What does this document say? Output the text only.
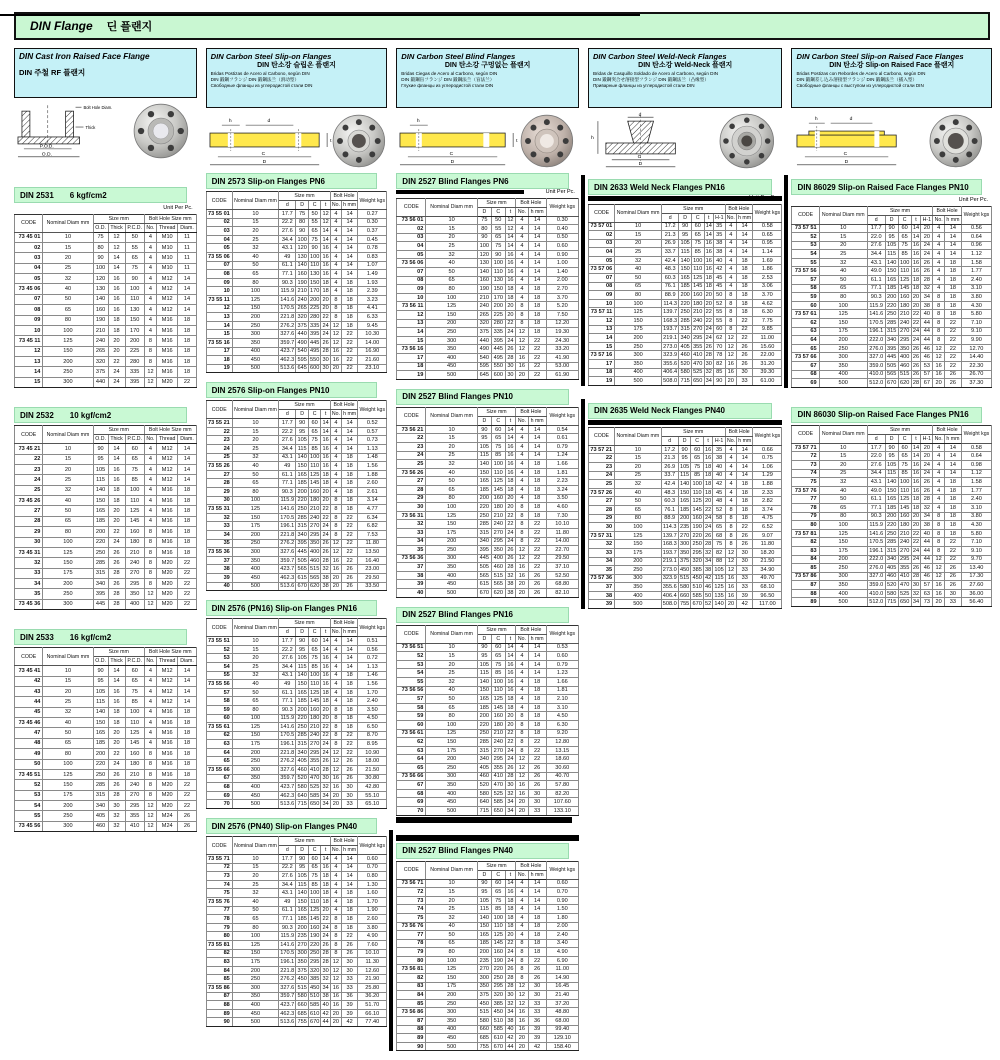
DIN Flange 딘 플랜지
DIN Cast Iron Raised Face Flange
DIN 주철 RF 플랜지
Bolt Hole Diam.
Thick
P.C.D.
O.D.
DIN 2531 6 kgf/cm2
Unit Per Pc.
CODE	Nominal Diam mm	Size mm			Bolt Hole Size mm		
		O.D.	Thick	P.C.D.	No.	Thread	Diam.
73 45 01	10	75	12	50	4	M10	11
02	15	80	12	55	4	M10	11
03	20	90	14	65	4	M10	11
04	25	100	14	75	4	M10	11
05	32	120	16	90	4	M12	14
73 45 06	40	130	16	100	4	M12	14
07	50	140	16	110	4	M12	14
08	65	160	16	130	4	M12	14
09	80	190	18	150	4	M16	18
10	100	210	18	170	4	M16	18
73 45 11	125	240	20	200	8	M16	18
12	150	265	20	225	8	M16	18
13	200	320	22	280	8	M16	18
14	250	375	24	335	12	M16	18
15	300	440	24	395	12	M20	22
DIN 2532 10 kgf/cm2
CODE	Nominal Diam mm	Size mm			Bolt Hole Size mm		
		O.D.	Thick	P.C.D.	No.	Thread	Diam.
73 45 21	10	90	14	60	4	M12	14
22	15	95	14	65	4	M12	14
23	20	105	16	75	4	M12	14
24	25	115	16	85	4	M12	14
25	32	140	18	100	4	M16	18
73 45 26	40	150	18	110	4	M16	18
27	50	165	20	125	4	M16	18
28	65	185	20	145	4	M16	18
29	80	200	22	160	8	M16	18
30	100	220	24	180	8	M16	18
73 45 31	125	250	26	210	8	M16	18
32	150	285	26	240	8	M20	22
33	175	315	28	270	8	M20	22
34	200	340	26	295	8	M20	22
35	250	395	28	350	12	M20	22
73 45 36	300	445	28	400	12	M20	22
DIN 2533 16 kgf/cm2
CODE	Nominal Diam mm	Size mm			Bolt Hole Size mm		
		O.D.	Thick	P.C.D.	No.	Thread	Diam.
73 45 41	10	90	14	60	4	M12	14
42	15	95	14	65	4	M12	14
43	20	105	16	75	4	M12	14
44	25	115	16	85	4	M12	14
45	32	140	18	100	4	M16	18
73 45 46	40	150	18	110	4	M16	18
47	50	165	20	125	4	M16	18
48	65	185	20	145	4	M16	18
49	80	200	22	160	8	M16	18
50	100	220	24	180	8	M16	18
73 45 51	125	250	26	210	8	M16	18
52	150	285	26	240	8	M20	22
53	175	315	28	270	8	M20	22
54	200	340	30	295	12	M20	22
55	250	405	32	355	12	M24	26
73 45 56	300	460	32	410	12	M24	26
DIN Carbon Steel Slip-on Flanges
DIN 탄소강 슬립온 플랜지
Bridas Postizas de Acero al Carbono, según DIN
DIN 鍛鋼フランジ DIN 鍛鋼法兰（滑动型）
Свободные фланцы из углеродистой стали DIN
h	d
t
C
D
DIN 2573 Slip-on Flanges PN6
CODE	Nominal Diam mm	Size mm				Bolt Hole		Weight kgs
		d	D	C	t	No.	h mm	
73 55 01	10	17.7	75	50	12	4	14	0.27
02	15	22.2	80	55	12	4	14	0.30
03	20	27.6	90	65	14	4	14	0.37
04	25	34.4	100	75	14	4	14	0.45
05	32	43.1	120	90	16	4	14	0.78
73 55 06	40	49	130	100	16	4	14	0.83
07	50	61.1	140	110	16	4	14	1.07
08	65	77.1	160	130	16	4	14	1.49
09	80	90.3	190	150	18	4	18	1.93
10	100	115.9	210	170	18	4	18	2.39
73 55 11	125	141.6	240	200	20	8	18	3.23
12	150	170.5	265	225	20	8	18	4.41
13	200	221.8	320	280	22	8	18	6.33
14	250	276.2	375	335	24	12	18	9.45
15	300	327.6	440	395	24	12	22	10.30
73 55 16	350	359.7	490	445	26	12	22	14.00
17	400	423.7	540	495	28	16	22	16.90
18	450	462.3	595	550	30	16	22	21.60
19	500	513.6	645	600	30	20	22	23.10
DIN 2576 Slip-on Flanges PN10
CODE	Nominal Diam mm	Size mm				Bolt Hole		Weight kgs
		d	D	C	t	No.	h mm	
73 55 21	10	17.7	90	60	14	4	14	0.52
22	15	22.2	95	65	14	4	14	0.57
23	20	27.6	105	75	16	4	14	0.73
24	25	34.4	115	85	16	4	14	1.13
25	32	43.1	140	100	16	4	18	1.48
73 55 26	40	49	150	110	16	4	18	1.56
27	50	61.1	165	125	18	4	18	1.88
28	65	77.1	185	145	18	4	18	2.60
29	80	90.3	200	160	20	4	18	2.61
30	100	115.9	220	180	20	8	18	3.14
73 55 31	125	141.6	250	210	22	8	18	4.77
32	150	170.5	285	240	22	8	22	6.34
33	175	196.1	315	270	24	8	22	6.82
34	200	221.8	340	295	24	8	22	7.53
35	250	276.2	395	350	26	12	22	11.80
73 55 36	300	327.6	445	400	26	12	22	13.50
37	350	359.7	505	460	28	16	22	16.40
38	400	423.7	565	515	32	16	26	23.00
39	450	462.3	615	565	38	20	26	29.50
40	500	513.6	670	620	38	20	26	33.50
DIN 2576 (PN16) Slip-on Flanges PN16
CODE	Nominal Diam mm	Size mm				Bolt Hole		Weight kgs
		d	D	C	t	No.	h mm	
73 55 51	10	17.7	90	60	14	4	14	0.51
52	15	22.2	95	65	14	4	14	0.56
53	20	27.6	105	75	16	4	14	0.72
54	25	34.4	115	85	16	4	14	1.13
55	32	43.1	140	100	16	4	18	1.46
73 55 56	40	49	150	110	16	4	18	1.56
57	50	61.1	165	125	18	4	18	1.70
58	65	77.1	185	145	18	4	18	2.40
59	80	90.3	200	160	20	8	18	3.50
60	100	115.9	220	180	20	8	18	4.50
73 55 61	125	141.6	250	210	22	8	18	6.50
62	150	170.5	285	240	22	8	22	8.70
63	175	196.1	315	270	24	8	22	8.95
64	200	221.8	340	295	24	12	22	10.90
65	250	276.2	405	355	26	12	26	18.00
73 55 66	300	327.6	460	410	28	12	26	21.50
67	350	359.7	520	470	30	16	26	30.80
68	400	423.7	580	525	32	16	30	42.80
69	450	462.3	640	585	34	20	30	55.10
70	500	513.6	715	650	34	20	33	65.10
DIN 2576 (PN40) Slip-on Flanges PN40
CODE	Nominal Diam mm	Size mm				Bolt Hole		Weight kgs
		d	D	C	t	No.	h mm	
73 55 71	10	17.7	90	60	14	4	14	0.60
72	15	22.2	95	65	16	4	14	0.70
73	20	27.6	105	75	18	4	14	0.80
74	25	34.4	115	85	18	4	14	1.30
75	32	43.1	140	100	18	4	18	1.60
73 55 76	40	49	150	110	18	4	18	1.70
77	50	61.1	165	125	20	4	18	1.90
78	65	77.1	185	145	22	8	18	2.60
79	80	90.3	200	160	24	8	18	3.80
80	100	115.9	235	190	24	8	22	4.90
73 55 81	125	141.6	270	220	26	8	26	7.60
82	150	170.5	300	250	28	8	26	10.10
83	175	196.1	350	295	28	12	30	11.30
84	200	221.8	375	320	30	12	30	12.60
85	250	276.2	450	385	32	12	33	21.90
73 55 86	300	327.6	515	450	34	16	33	25.80
87	350	359.7	580	510	38	16	36	36.20
88	400	423.7	660	585	40	16	39	51.70
89	450	462.3	685	610	42	20	39	66.10
90	500	513.6	755	670	44	20	42	77.40
DIN Carbon Steel Blind Flanges
DIN 탄소강 구멍없는 플랜지
Bridas Ciegas de Acero al Carbono, según DIN
DIN 鍛鋼盲フランジ DIN 鍛鋼法兰（盲法兰）
Глухие фланцы из углеродистой стали DIN
h
t
C
D
DIN 2527 Blind Flanges PN6
Unit Per Pc.
CODE	Nominal Diam mm	Size mm			Bolt Hole		Weight kgs
		D	C	t	No.	h mm	
73 56 01	10	75	50	12	4	14	0.30
02	15	80	55	12	4	14	0.40
03	20	90	65	14	4	14	0.50
04	25	100	75	14	4	14	0.60
05	32	120	90	16	4	14	0.90
73 56 06	40	130	100	16	4	14	1.00
07	50	140	110	16	4	14	1.40
08	65	160	130	16	4	14	2.00
09	80	190	150	18	4	18	2.70
10	100	210	170	18	4	18	3.70
73 56 11	125	240	200	20	8	18	5.20
12	150	265	225	20	8	18	7.50
13	200	320	280	22	8	18	12.20
14	250	375	335	24	12	18	19.30
15	300	440	395	24	12	22	24.30
73 56 16	350	490	445	26	12	22	33.20
17	400	540	495	28	16	22	41.90
18	450	595	550	30	16	22	53.00
19	500	645	600	30	20	22	61.90
DIN 2527 Blind Flanges PN10
CODE	Nominal Diam mm	Size mm			Bolt Hole		Weight kgs
		D	C	t	No.	h mm	
73 56 21	10	90	60	14	4	14	0.54
22	15	95	65	14	4	14	0.61
23	20	105	75	16	4	14	0.79
24	25	115	85	16	4	14	1.24
25	32	140	100	16	4	18	1.66
73 56 26	40	150	110	16	4	18	1.81
27	50	165	125	18	4	18	2.23
28	65	185	145	18	4	18	3.24
29	80	200	160	20	4	18	3.50
30	100	220	180	20	8	18	4.60
73 56 31	125	250	210	22	8	18	7.30
32	150	285	240	22	8	22	10.10
33	175	315	270	24	8	22	11.80
34	200	340	295	24	8	22	14.00
35	250	395	350	26	12	22	22.70
73 56 36	300	445	400	26	12	22	29.50
37	350	505	460	28	16	22	37.10
38	400	565	515	32	16	26	52.50
39	450	615	565	38	20	26	68.80
40	500	670	620	38	20	26	82.10
DIN 2527 Blind Flanges PN16
CODE	Nominal Diam mm	Size mm			Bolt Hole		Weight kgs
		D	C	t	No.	h mm	
73 56 51	10	90	60	14	4	14	0.53
52	15	95	65	14	4	14	0.60
53	20	105	75	16	4	14	0.79
54	25	115	85	16	4	14	1.23
55	32	140	100	16	4	18	1.66
73 56 56	40	150	110	16	4	18	1.81
57	50	165	125	18	4	18	2.10
58	65	185	145	18	4	18	3.10
59	80	200	160	20	8	18	4.50
60	100	220	180	20	8	18	6.30
73 56 61	125	250	210	22	8	18	9.20
62	150	285	240	22	8	22	12.80
63	175	315	270	24	8	22	13.15
64	200	340	295	24	12	22	18.60
65	250	405	355	26	12	26	30.60
73 56 66	300	460	410	28	12	26	40.70
67	350	520	470	30	16	26	57.80
68	400	580	525	32	16	30	82.20
69	450	640	585	34	20	30	107.60
70	500	715	650	34	20	33	133.10
DIN 2527 Blind Flanges PN40
CODE	Nominal Diam mm	Size mm			Bolt Hole		Weight kgs
		D	C	t	No.	h mm	
73 56 71	10	90	60	14	4	14	0.60
72	15	95	65	16	4	14	0.70
73	20	105	75	18	4	14	0.90
74	25	115	85	18	4	14	1.50
75	32	140	100	18	4	18	1.80
73 56 76	40	150	110	18	4	18	2.00
77	50	165	125	20	4	18	2.40
78	65	185	145	22	8	18	3.40
79	80	200	160	24	8	18	4.90
80	100	235	190	24	8	22	6.90
73 56 81	125	270	220	26	8	26	11.00
82	150	300	250	28	8	26	14.90
83	175	350	295	28	12	30	16.45
84	200	375	320	30	12	30	21.40
85	250	450	385	32	12	33	37.20
73 56 86	300	515	450	34	16	33	48.80
87	350	580	510	38	16	36	68.00
88	400	660	585	40	16	39	99.40
89	450	685	610	42	20	39	129.10
90	500	755	670	44	20	42	158.40
DIN Carbon Steel Weld-Neck Flanges
DIN 탄소강 Weld-Neck 플랜지
Bridas de Casquillo Soldado de Acero al Carbono, según DIN
DIN 鍛鋼突合せ溶接型フランジ DIN 鍛鋼法兰（凸缘型）
Приварные фланцы из углеродистой стали DIN
d
h
C
D
DIN 2633 Weld Neck Flanges PN16
Unit Per Pc.
CODE	Nominal Diam mm	Size mm					Bolt Hole		Weight kgs
		d	D	C	t	H-1	No.	h mm	
73 57 01	10	17.2	90	60	14	35	4	14	0.58
02	15	21.3	95	65	14	35	4	14	0.65
03	20	26.9	105	75	16	38	4	14	0.95
04	25	33.7	115	85	16	38	4	14	1.14
05	32	42.4	140	100	16	40	4	18	1.69
73 57 06	40	48.3	150	110	16	42	4	18	1.86
07	50	60.3	165	125	18	45	4	18	2.53
08	65	76.1	185	145	18	45	4	18	3.06
09	80	88.9	200	160	20	50	8	18	3.70
10	100	114.3	220	180	20	52	8	18	4.62
73 57 11	125	139.7	250	210	22	55	8	18	6.30
12	150	168.3	285	240	22	55	8	22	7.75
13	175	193.7	315	270	24	60	8	22	9.85
14	200	219.1	340	295	24	62	12	22	11.00
15	250	273.0	405	355	26	70	12	26	15.60
73 57 16	300	323.9	460	410	28	78	12	26	22.00
17	350	355.6	520	470	30	82	16	26	31.20
18	400	406.4	580	525	32	85	16	30	39.30
19	500	508.0	715	650	34	90	20	33	61.00
DIN 2635 Weld Neck Flanges PN40
CODE	Nominal Diam mm	Size mm					Bolt Hole		Weight kgs
		d	D	C	t	H-1	No.	h mm	
73 57 21	10	17.2	90	60	16	35	4	14	0.66
22	15	21.3	95	65	16	38	4	14	0.75
23	20	26.9	105	75	18	40	4	14	1.06
24	25	33.7	115	85	18	40	4	14	1.29
25	32	42.4	140	100	18	42	4	18	1.88
73 57 26	40	48.3	150	110	18	45	4	18	2.33
27	50	60.3	165	125	20	48	4	18	2.82
28	65	76.1	185	145	22	52	8	18	3.74
29	80	88.9	200	160	24	58	8	18	4.75
30	100	114.3	235	190	24	65	8	22	6.52
73 57 31	125	139.7	270	220	26	68	8	26	9.07
32	150	168.3	300	250	28	75	8	26	11.80
33	175	193.7	350	295	32	82	12	30	18.20
34	200	219.1	375	320	34	88	12	30	21.50
35	250	273.0	450	385	38	105	12	33	34.90
73 57 36	300	323.9	515	450	42	115	16	33	49.70
37	350	355.6	580	510	46	125	16	33	68.10
38	400	406.4	660	585	50	135	16	39	96.50
39	500	508.0	755	670	52	140	20	42	117.00
DIN Carbon Steel Slip-on Raised Face Flanges
DIN 탄소강 Slip-on Raised Face 플랜지
Bridas Postizas con Rebordes de Acero al Carbono, según DIN
DIN 鍛鋼差し込み溶接型フランジ DIN 鍛鋼法兰（插入型）
Свободные фланцы с выступом из углеродистой стали DIN
h	d
C
D
DIN 86029 Slip-on Raised Face Flanges PN10
Unit Per Pc.
CODE	Nominal Diam mm	Size mm					Bolt Hole		Weight kgs
		d	D	C	t	H-1	No.	h mm	
73 57 51	10	17.7	90	60	14	20	4	14	0.56
52	15	22.0	95	65	14	20	4	14	0.64
53	20	27.6	105	75	16	24	4	14	0.96
54	25	34.4	115	85	16	24	4	14	1.12
55	32	43.1	140	100	16	26	4	18	1.58
73 57 56	40	49.0	150	110	16	26	4	18	1.77
57	50	61.1	165	125	18	28	4	18	2.40
58	65	77.1	185	145	18	32	4	18	3.10
59	80	90.3	200	160	20	34	8	18	3.80
60	100	115.9	220	180	20	38	8	18	4.30
73 57 61	125	141.6	250	210	22	40	8	18	5.80
62	150	170.5	285	240	22	44	8	22	7.10
63	175	196.1	315	270	24	44	8	22	9.10
64	200	222.0	340	295	24	44	8	22	9.90
65	250	276.0	395	350	26	46	12	22	12.70
73 57 66	300	327.0	445	400	26	46	12	22	14.40
67	350	359.0	505	460	26	53	16	22	22.30
68	400	410.0	565	515	26	57	16	26	26.70
69	500	512.0	670	620	28	67	20	26	37.30
DIN 86030 Slip-on Raised Face Flanges PN16
CODE	Nominal Diam mm	Size mm					Bolt Hole		Weight kgs
		d	D	C	t	H-1	No.	h mm	
73 57 71	10	17.7	90	60	14	20	4	14	0.58
72	15	22.0	95	65	14	20	4	14	0.64
73	20	27.6	105	75	16	24	4	14	0.98
74	25	34.4	115	85	16	24	4	14	1.12
75	32	43.1	140	100	16	26	4	18	1.58
73 57 76	40	49.0	150	110	16	26	4	18	1.77
77	50	61.1	165	125	18	28	4	18	2.40
78	65	77.1	185	145	18	32	4	18	3.10
79	80	90.3	200	160	20	34	8	18	3.80
80	100	115.9	220	180	20	38	8	18	4.30
73 57 81	125	141.6	250	210	22	40	8	18	5.80
82	150	170.5	285	240	22	44	8	22	7.10
83	175	196.1	315	270	24	44	8	22	9.10
84	200	222.0	340	295	24	44	12	22	9.70
85	250	276.0	405	355	26	46	12	26	13.40
73 57 86	300	327.0	460	410	28	46	12	26	17.30
87	350	359.0	520	470	30	57	16	26	27.60
88	400	410.0	580	525	32	63	16	30	36.00
89	500	512.0	715	650	34	73	20	33	56.40
